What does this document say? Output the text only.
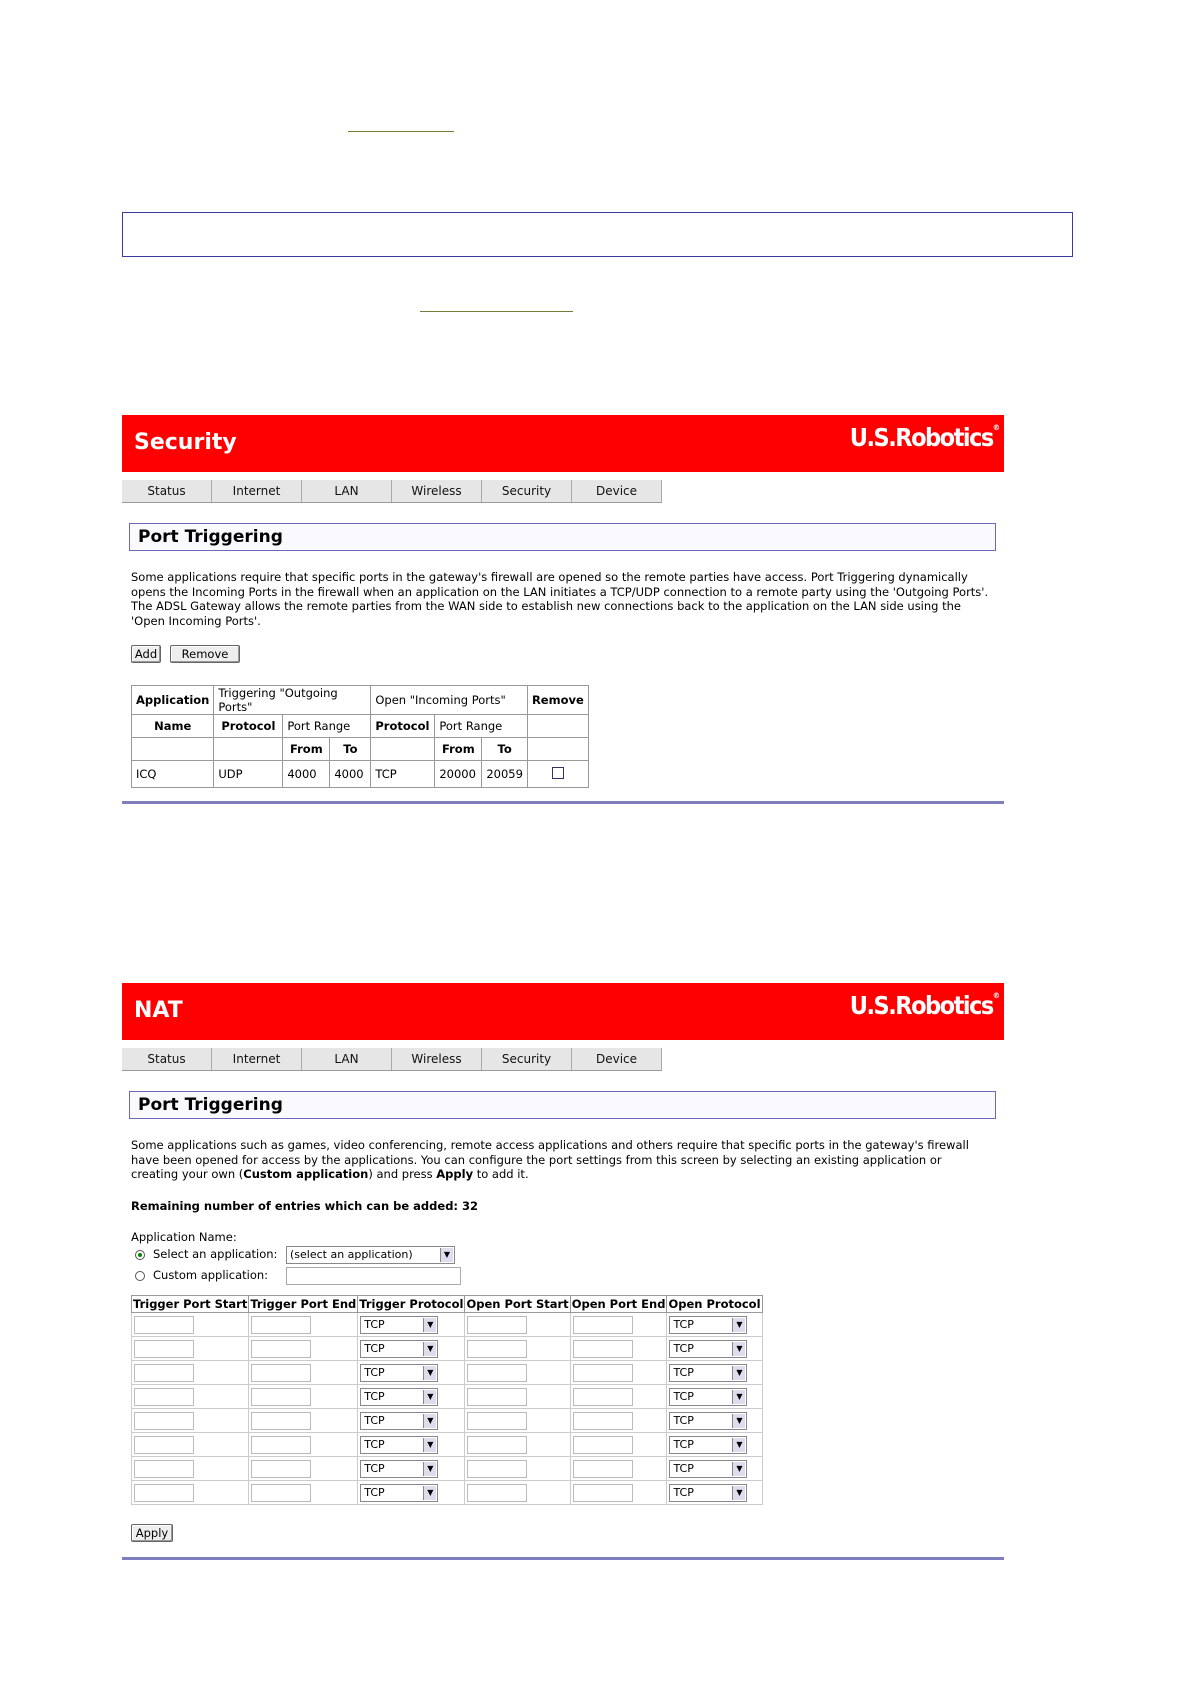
Security	U.S.Robotics®
Status	Internet	LAN	Wireless	Security	Device
Port Triggering
Some applications require that specific ports in the gateway's firewall are opened so the remote parties have access. Port Triggering dynamically opens the Incoming Ports in the firewall when an application on the LAN initiates a TCP/UDP connection to a remote party using the 'Outgoing Ports'. The ADSL Gateway allows the remote parties from the WAN side to establish new connections back to the application on the LAN side using the 'Open Incoming Ports'.
Add	Remove
Application	Triggering "Outgoing Ports"			Open "Incoming Ports"			Remove
Name	Protocol	Port Range		Protocol	Port Range		
		From	To		From	To	
ICQ	UDP	4000	4000	TCP	20000	20059	
NAT	U.S.Robotics®
Status	Internet	LAN	Wireless	Security	Device
Port Triggering
Some applications such as games, video conferencing, remote access applications and others require that specific ports in the gateway's firewall have been opened for access by the applications. You can configure the port settings from this screen by selecting an existing application or creating your own (Custom application) and press Apply to add it.
Remaining number of entries which can be added: 32
Application Name:
Select an application:	(select an application)	▼
Custom application:
Trigger Port Start	Trigger Port End	Trigger Protocol	Open Port Start	Open Port End	Open Protocol

		TCP ▼			TCP ▼

		TCP ▼			TCP ▼

		TCP ▼			TCP ▼

		TCP ▼			TCP ▼

		TCP ▼			TCP ▼

		TCP ▼			TCP ▼

		TCP ▼			TCP ▼

		TCP ▼			TCP ▼
Apply
